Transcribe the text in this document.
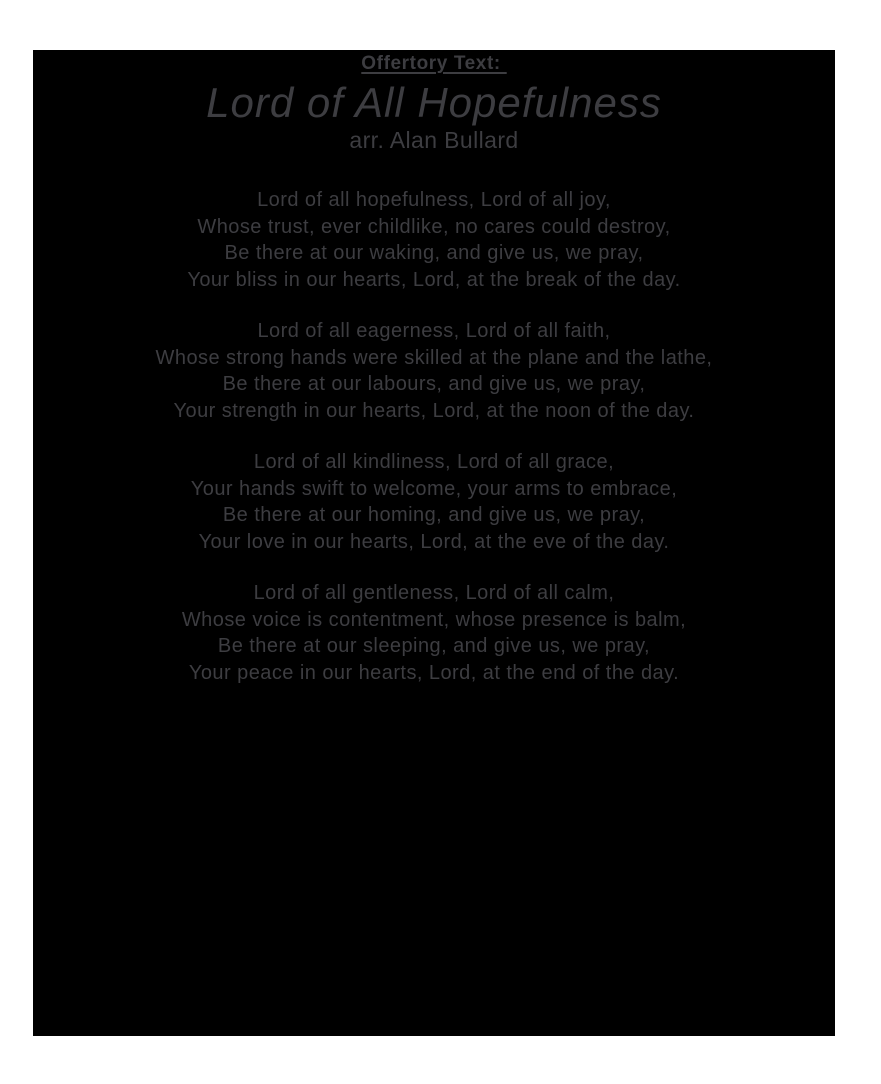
Offertory Text:
Lord of All Hopefulness
arr. Alan Bullard
Lord of all hopefulness, Lord of all joy,
Whose trust, ever childlike, no cares could destroy,
Be there at our waking, and give us, we pray,
Your bliss in our hearts, Lord, at the break of the day.
Lord of all eagerness, Lord of all faith,
Whose strong hands were skilled at the plane and the lathe,
Be there at our labours, and give us, we pray,
Your strength in our hearts, Lord, at the noon of the day.
Lord of all kindliness, Lord of all grace,
Your hands swift to welcome, your arms to embrace,
Be there at our homing, and give us, we pray,
Your love in our hearts, Lord, at the eve of the day.
Lord of all gentleness, Lord of all calm,
Whose voice is contentment, whose presence is balm,
Be there at our sleeping, and give us, we pray,
Your peace in our hearts, Lord, at the end of the day.
